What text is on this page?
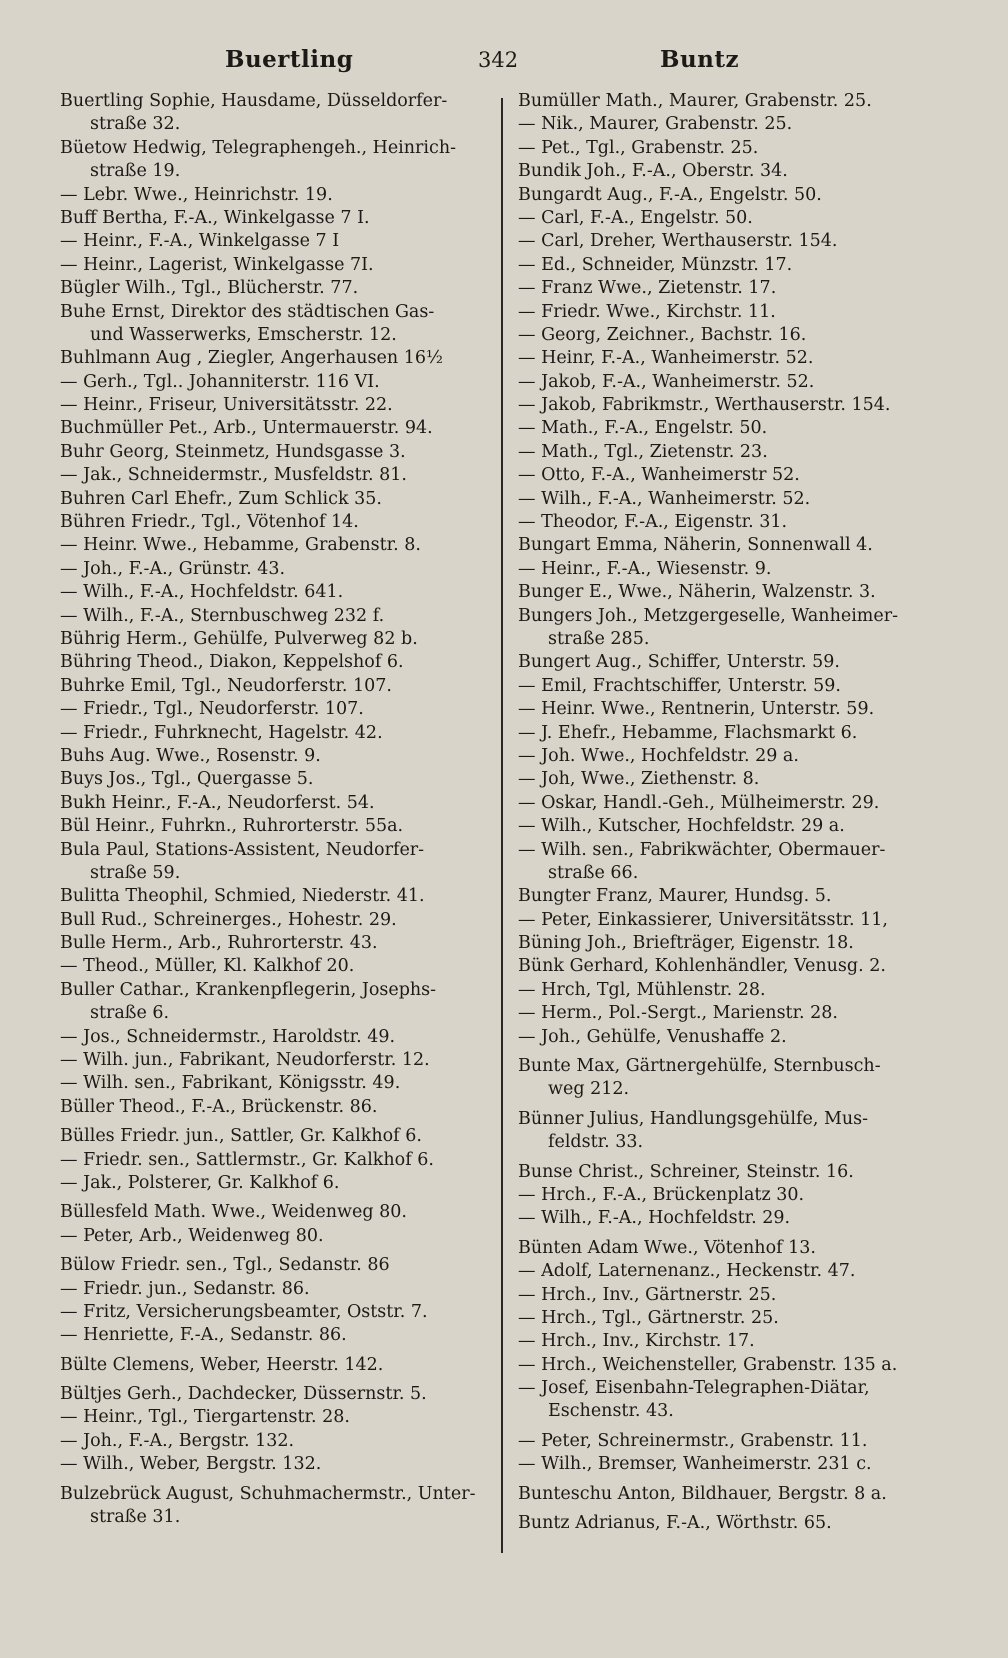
Buertling	342	Buntz
Buertling Sophie, Hausdame, Düsseldorfer-
straße 32.
Büetow Hedwig, Telegraphengeh., Heinrich-
straße 19.
— Lebr. Wwe., Heinrichstr. 19.
Buff Bertha, F.-A., Winkelgasse 7 I.
— Heinr., F.-A., Winkelgasse 7 I
— Heinr., Lagerist, Winkelgasse 7I.
Bügler Wilh., Tgl., Blücherstr. 77.
Buhe Ernst, Direktor des städtischen Gas-
und Wasserwerks, Emscherstr. 12.
Buhlmann Aug , Ziegler, Angerhausen 16½
— Gerh., Tgl.. Johanniterstr. 116 VI.
— Heinr., Friseur, Universitätsstr. 22.
Buchmüller Pet., Arb., Untermauerstr. 94.
Buhr Georg, Steinmetz, Hundsgasse 3.
— Jak., Schneidermstr., Musfeldstr. 81.
Buhren Carl Ehefr., Zum Schlick 35.
Bühren Friedr., Tgl., Vötenhof 14.
— Heinr. Wwe., Hebamme, Grabenstr. 8.
— Joh., F.-A., Grünstr. 43.
— Wilh., F.-A., Hochfeldstr. 641.
— Wilh., F.-A., Sternbuschweg 232 f.
Bührig Herm., Gehülfe, Pulverweg 82 b.
Bühring Theod., Diakon, Keppelshof 6.
Buhrke Emil, Tgl., Neudorferstr. 107.
— Friedr., Tgl., Neudorferstr. 107.
— Friedr., Fuhrknecht, Hagelstr. 42.
Buhs Aug. Wwe., Rosenstr. 9.
Buys Jos., Tgl., Quergasse 5.
Bukh Heinr., F.-A., Neudorferst. 54.
Bül Heinr., Fuhrkn., Ruhrorterstr. 55a.
Bula Paul, Stations-Assistent, Neudorfer-
straße 59.
Bulitta Theophil, Schmied, Niederstr. 41.
Bull Rud., Schreinerges., Hohestr. 29.
Bulle Herm., Arb., Ruhrorterstr. 43.
— Theod., Müller, Kl. Kalkhof 20.
Buller Cathar., Krankenpflegerin, Josephs-
straße 6.
— Jos., Schneidermstr., Haroldstr. 49.
— Wilh. jun., Fabrikant, Neudorferstr. 12.
— Wilh. sen., Fabrikant, Königsstr. 49.
Büller Theod., F.-A., Brückenstr. 86.
Bülles Friedr. jun., Sattler, Gr. Kalkhof 6.
— Friedr. sen., Sattlermstr., Gr. Kalkhof 6.
— Jak., Polsterer, Gr. Kalkhof 6.
Büllesfeld Math. Wwe., Weidenweg 80.
— Peter, Arb., Weidenweg 80.
Bülow Friedr. sen., Tgl., Sedanstr. 86
— Friedr. jun., Sedanstr. 86.
— Fritz, Versicherungsbeamter, Oststr. 7.
— Henriette, F.-A., Sedanstr. 86.
Bülte Clemens, Weber, Heerstr. 142.
Bültjes Gerh., Dachdecker, Düssernstr. 5.
— Heinr., Tgl., Tiergartenstr. 28.
— Joh., F.-A., Bergstr. 132.
— Wilh., Weber, Bergstr. 132.
Bulzebrück August, Schuhmachermstr., Unter-
straße 31.
Bumüller Math., Maurer, Grabenstr. 25.
— Nik., Maurer, Grabenstr. 25.
— Pet., Tgl., Grabenstr. 25.
Bundik Joh., F.-A., Oberstr. 34.
Bungardt Aug., F.-A., Engelstr. 50.
— Carl, F.-A., Engelstr. 50.
— Carl, Dreher, Werthauserstr. 154.
— Ed., Schneider, Münzstr. 17.
— Franz Wwe., Zietenstr. 17.
— Friedr. Wwe., Kirchstr. 11.
— Georg, Zeichner., Bachstr. 16.
— Heinr, F.-A., Wanheimerstr. 52.
— Jakob, F.-A., Wanheimerstr. 52.
— Jakob, Fabrikmstr., Werthauserstr. 154.
— Math., F.-A., Engelstr. 50.
— Math., Tgl., Zietenstr. 23.
— Otto, F.-A., Wanheimerstr 52.
— Wilh., F.-A., Wanheimerstr. 52.
— Theodor, F.-A., Eigenstr. 31.
Bungart Emma, Näherin, Sonnenwall 4.
— Heinr., F.-A., Wiesenstr. 9.
Bunger E., Wwe., Näherin, Walzenstr. 3.
Bungers Joh., Metzgergeselle, Wanheimer-
straße 285.
Bungert Aug., Schiffer, Unterstr. 59.
— Emil, Frachtschiffer, Unterstr. 59.
— Heinr. Wwe., Rentnerin, Unterstr. 59.
— J. Ehefr., Hebamme, Flachsmarkt 6.
— Joh. Wwe., Hochfeldstr. 29 a.
— Joh, Wwe., Ziethenstr. 8.
— Oskar, Handl.-Geh., Mülheimerstr. 29.
— Wilh., Kutscher, Hochfeldstr. 29 a.
— Wilh. sen., Fabrikwächter, Obermauer-
straße 66.
Bungter Franz, Maurer, Hundsg. 5.
— Peter, Einkassierer, Universitätsstr. 11,
Büning Joh., Briefträger, Eigenstr. 18.
Bünk Gerhard, Kohlenhändler, Venusg. 2.
— Hrch, Tgl, Mühlenstr. 28.
— Herm., Pol.-Sergt., Marienstr. 28.
— Joh., Gehülfe, Venushaffe 2.
Bunte Max, Gärtnergehülfe, Sternbusch-
weg 212.
Bünner Julius, Handlungsgehülfe, Mus-
feldstr. 33.
Bunse Christ., Schreiner, Steinstr. 16.
— Hrch., F.-A., Brückenplatz 30.
— Wilh., F.-A., Hochfeldstr. 29.
Bünten Adam Wwe., Vötenhof 13.
— Adolf, Laternenanz., Heckenstr. 47.
— Hrch., Inv., Gärtnerstr. 25.
— Hrch., Tgl., Gärtnerstr. 25.
— Hrch., Inv., Kirchstr. 17.
— Hrch., Weichensteller, Grabenstr. 135 a.
— Josef, Eisenbahn-Telegraphen-Diätar,
Eschenstr. 43.
— Peter, Schreinermstr., Grabenstr. 11.
— Wilh., Bremser, Wanheimerstr. 231 c.
Bunteschu Anton, Bildhauer, Bergstr. 8 a.
Buntz Adrianus, F.-A., Wörthstr. 65.
